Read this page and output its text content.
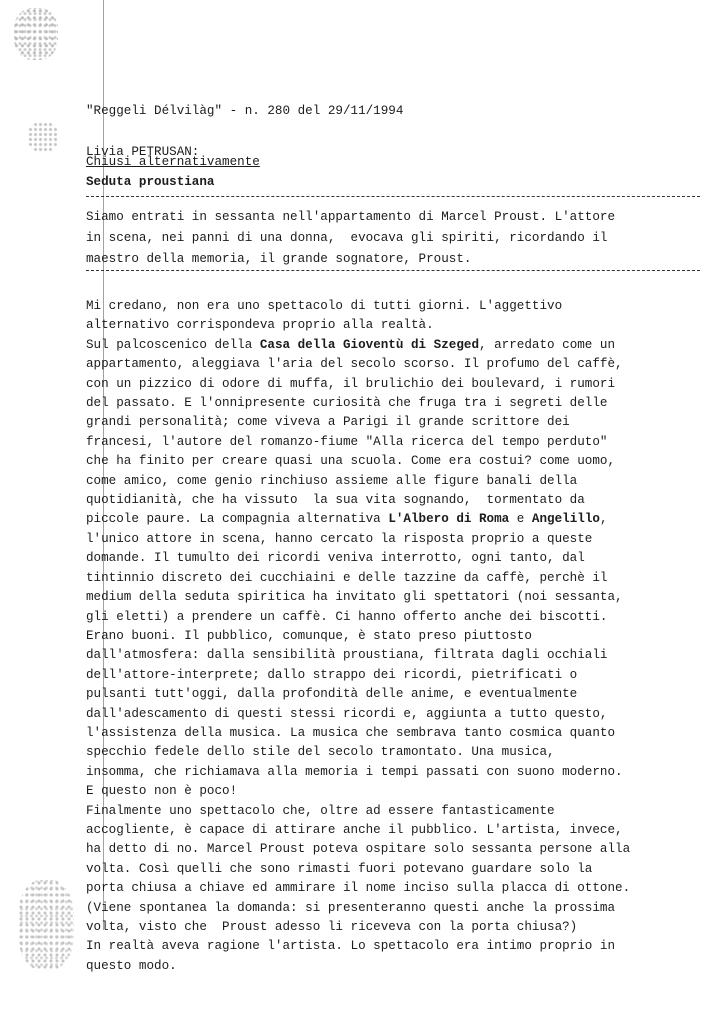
"Reggeli Délvilàg" - n. 280 del 29/11/1994
Livia PETRUSAN:
Chiusi alternativamente
Seduta proustiana
Siamo entrati in sessanta nell'appartamento di Marcel Proust. L'attore
in scena, nei panni di una donna,  evocava gli spiriti, ricordando il
maestro della memoria, il grande sognatore, Proust.
Mi credano, non era uno spettacolo di tutti giorni. L'aggettivo
alternativo corrispondeva proprio alla realtà.
Sul palcoscenico della Casa della Gioventù di Szeged, arredato come un
appartamento, aleggiava l'aria del secolo scorso. Il profumo del caffè,
con un pizzico di odore di muffa, il brulichio dei boulevard, i rumori
del passato. E l'onnipresente curiosità che fruga tra i segreti delle
grandi personalità; come viveva a Parigi il grande scrittore dei
francesi, l'autore del romanzo-fiume "Alla ricerca del tempo perduto"
che ha finito per creare quasi una scuola. Come era costui? come uomo,
come amico, come genio rinchiuso assieme alle figure banali della
quotidianità, che ha vissuto  la sua vita sognando,  tormentato da
piccole paure. La compagnia alternativa L'Albero di Roma e Angelillo,
l'unico attore in scena, hanno cercato la risposta proprio a queste
domande. Il tumulto dei ricordi veniva interrotto, ogni tanto, dal
tintinnio discreto dei cucchiaini e delle tazzine da caffè, perchè il
medium della seduta spiritica ha invitato gli spettatori (noi sessanta,
gli eletti) a prendere un caffè. Ci hanno offerto anche dei biscotti.
Erano buoni. Il pubblico, comunque, è stato preso piuttosto
dall'atmosfera: dalla sensibilità proustiana, filtrata dagli occhiali
dell'attore-interprete; dallo strappo dei ricordi, pietrificati o
pulsanti tutt'oggi, dalla profondità delle anime, e eventualmente
dall'adescamento di questi stessi ricordi e, aggiunta a tutto questo,
l'assistenza della musica. La musica che sembrava tanto cosmica quanto
specchio fedele dello stile del secolo tramontato. Una musica,
insomma, che richiamava alla memoria i tempi passati con suono moderno.
E questo non è poco!
Finalmente uno spettacolo che, oltre ad essere fantasticamente
accogliente, è capace di attirare anche il pubblico. L'artista, invece,
ha detto di no. Marcel Proust poteva ospitare solo sessanta persone alla
volta. Così quelli che sono rimasti fuori potevano guardare solo la
porta chiusa a chiave ed ammirare il nome inciso sulla placca di ottone.
(Viene spontanea la domanda: si presenteranno questi anche la prossima
volta, visto che  Proust adesso li riceveva con la porta chiusa?)
In realtà aveva ragione l'artista. Lo spettacolo era intimo proprio in
questo modo.
